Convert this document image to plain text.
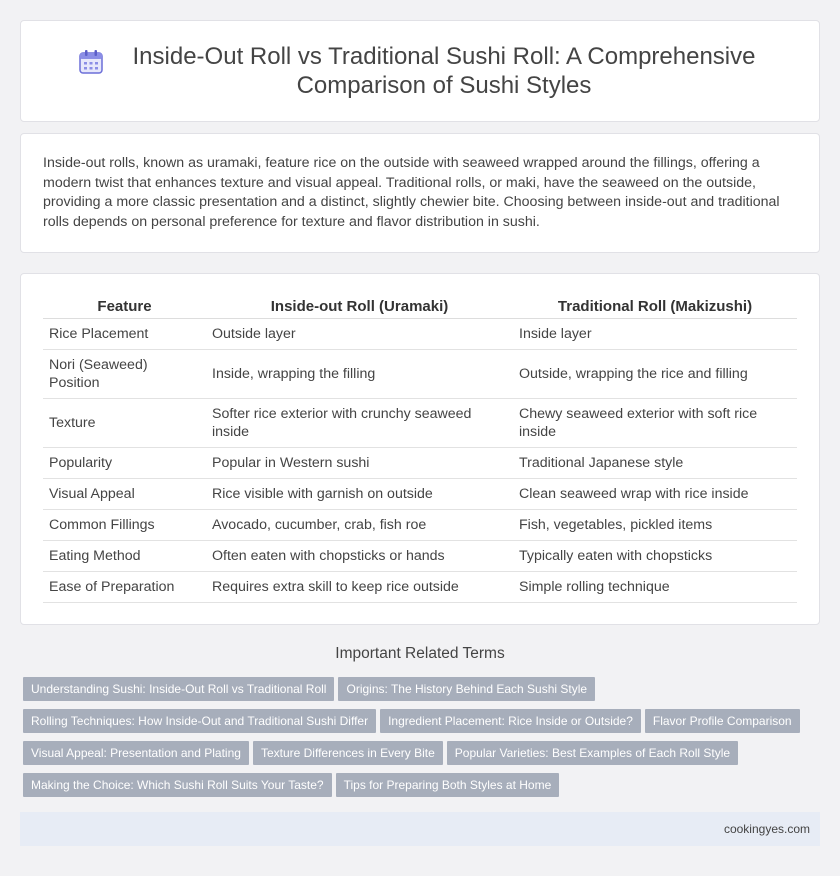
Inside-Out Roll vs Traditional Sushi Roll: A Comprehensive Comparison of Sushi Styles

Inside-out rolls, known as uramaki, feature rice on the outside with seaweed wrapped around the fillings, offering a modern twist that enhances texture and visual appeal. Traditional rolls, or maki, have the seaweed on the outside, providing a more classic presentation and a distinct, slightly chewier bite. Choosing between inside-out and traditional rolls depends on personal preference for texture and flavor distribution in sushi.

Feature	Inside-out Roll (Uramaki)	Traditional Roll (Makizushi)
Rice Placement	Outside layer	Inside layer
Nori (Seaweed) Position	Inside, wrapping the filling	Outside, wrapping the rice and filling
Texture	Softer rice exterior with crunchy seaweed inside	Chewy seaweed exterior with soft rice inside
Popularity	Popular in Western sushi	Traditional Japanese style
Visual Appeal	Rice visible with garnish on outside	Clean seaweed wrap with rice inside
Common Fillings	Avocado, cucumber, crab, fish roe	Fish, vegetables, pickled items
Eating Method	Often eaten with chopsticks or hands	Typically eaten with chopsticks
Ease of Preparation	Requires extra skill to keep rice outside	Simple rolling technique
Important Related Terms
Understanding Sushi: Inside-Out Roll vs Traditional Roll Origins: The History Behind Each Sushi Style
Rolling Techniques: How Inside-Out and Traditional Sushi Differ Ingredient Placement: Rice Inside or Outside? Flavor Profile Comparison
Visual Appeal: Presentation and Plating Texture Differences in Every Bite Popular Varieties: Best Examples of Each Roll Style
Making the Choice: Which Sushi Roll Suits Your Taste? Tips for Preparing Both Styles at Home
cookingyes.com
